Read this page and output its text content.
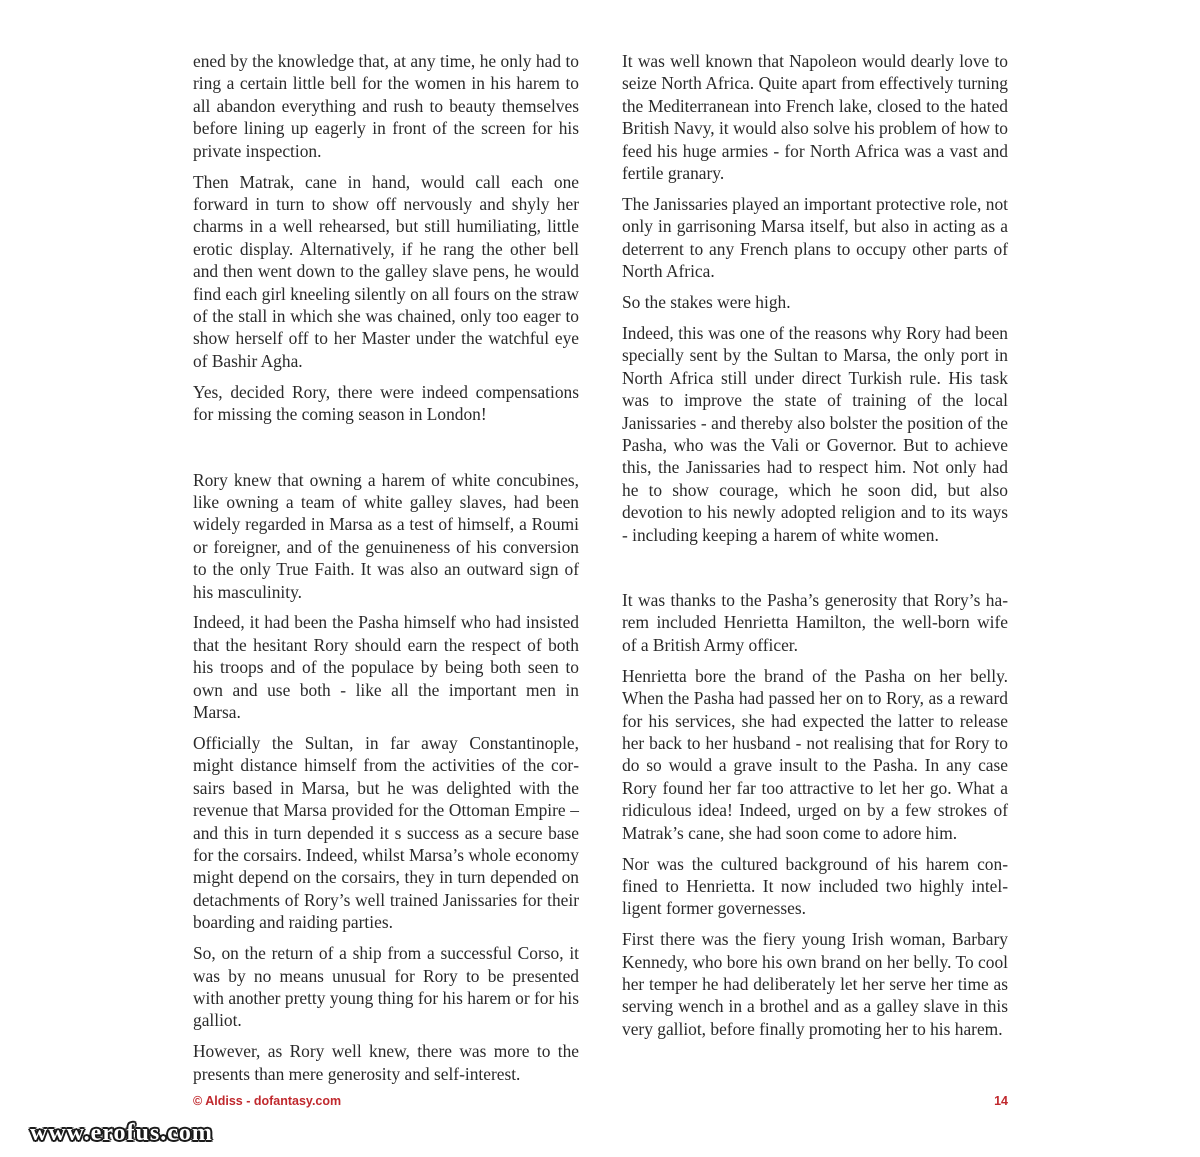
ened by the knowledge that, at any time, he only had to ring a certain little bell for the women in his harem to all abandon everything and rush to beauty themselves before lining up eagerly in front of the screen for his private inspection.

Then Matrak, cane in hand, would call each one forward in turn to show off nervously and shyly her charms in a well rehearsed, but still humiliating, little erotic display. Alternatively, if he rang the other bell and then went down to the galley slave pens, he would find each girl kneeling silently on all fours on the straw of the stall in which she was chained, only too eager to show herself off to her Master under the watchful eye of Bashir Agha.

Yes, decided Rory, there were indeed compensations for missing the coming season in London!

Rory knew that owning a harem of white concubines, like owning a team of white galley slaves, had been widely regarded in Marsa as a test of himself, a Roumi or foreigner, and of the genuineness of his conversion to the only True Faith. It was also an outward sign of his masculinity.

Indeed, it had been the Pasha himself who had insisted that the hesitant Rory should earn the respect of both his troops and of the populace by being both seen to own and use both - like all the important men in Marsa.

Officially the Sultan, in far away Constantinople, might distance himself from the activities of the corsairs based in Marsa, but he was delighted with the revenue that Marsa provided for the Ottoman Empire – and this in turn depended it s success as a secure base for the corsairs. Indeed, whilst Marsa’s whole economy might depend on the corsairs, they in turn depended on detachments of Rory’s well trained Janissaries for their boarding and raiding parties.

So, on the return of a ship from a successful Corso, it was by no means unusual for Rory to be presented with another pretty young thing for his harem or for his galliot.

However, as Rory well knew, there was more to the presents than mere generosity and self-interest.

It was well known that Napoleon would dearly love to seize North Africa. Quite apart from effectively turning the Mediterranean into French lake, closed to the hated British Navy, it would also solve his problem of how to feed his huge armies - for North Africa was a vast and fertile granary.

The Janissaries played an important protective role, not only in garrisoning Marsa itself, but also in acting as a deterrent to any French plans to occupy other parts of North Africa.

So the stakes were high.

Indeed, this was one of the reasons why Rory had been specially sent by the Sultan to Marsa, the only port in North Africa still under direct Turkish rule. His task was to improve the state of training of the local Janissaries - and thereby also bolster the position of the Pasha, who was the Vali or Governor. But to achieve this, the Janissaries had to respect him. Not only had he to show courage, which he soon did, but also devotion to his newly adopted religion and to its ways - including keeping a harem of white women.

It was thanks to the Pasha’s generosity that Rory’s harem included Henrietta Hamilton, the well-born wife of a British Army officer.

Henrietta bore the brand of the Pasha on her belly. When the Pasha had passed her on to Rory, as a reward for his services, she had expected the latter to release her back to her husband - not realising that for Rory to do so would a grave insult to the Pasha. In any case Rory found her far too attractive to let her go. What a ridiculous idea! Indeed, urged on by a few strokes of Matrak’s cane, she had soon come to adore him.

Nor was the cultured background of his harem confined to Henrietta. It now included two highly intelligent former governesses.

First there was the fiery young Irish woman, Barbary Kennedy, who bore his own brand on her belly. To cool her temper he had deliberately let her serve her time as serving wench in a brothel and as a galley slave in this very galliot, before finally promoting her to his harem.

© Aldiss - dofantasy.com	14
www.erofus.com
